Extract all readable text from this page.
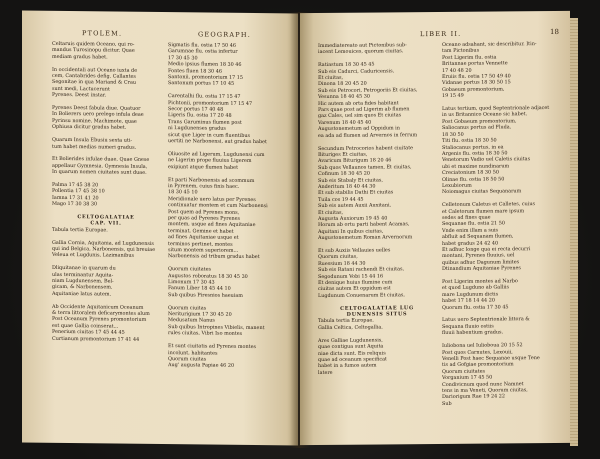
PTOLEM.	GEOGRAPH.
Celtaruis quidem Oceano, qui ro-
mandus Turosinopu dicitur. Quae
mediam gradus habet.

In occidentali aut Oceano iuxta de
cem, Cantabrides defig. Callantes
Segonitae in qua Mariand & Crau
sunt medi, Lactucerunt
Pyrenes. Deest instar.

Pyrenes Deest fabula diue. Quatuor
In Bolierers uero prelego infula deae
Pyrinsu nomine, Machimote, quae
Ophiusa dicitur gradus habet.

Quarum Insula Ebusiu sexta uti-
tum habet medias numeri gradus.

Et Bolierides infulae duae, Quae Gnese
appellaur Gymnesia. Gymnesia Insula,
In quarum nomen ciuitates sunt duae.

Palma 17 45 38 20
Pollentia 17 45 38 10
Iamna 17 31 41 20
Mago 17 30 38 30

CELTOGALATIAE
CAP. VII.
Tabula tertia Europae.

Gallia Cornia, Aquitania, ad Lugdunensis
qui ind Belgica, Narbonensis, qui breuiae
Veleua et Lugdunis, Lazimanibus

Dliquitanae in quarum du
ulas terminantur Aquita-
niam Lugdunensem, Bel-
gicam, & Narbonensem.
Aquitaniae latus autem.

Ab Occidente Aquitanicum Oceanum
& terra littoralem deficarymontes alum
Post Oceanum Pyrenes promontorium
est quae Gallia coinserat...
Penerium ciuitas 17 45 44 45
Curtianum promontorium 17 41 44
Sigmatis flu. ostia 17 50 46
Garumnae flu. ostia infertur
17 30 45 30
Medio ipsius flumen 18 30 46
Fontes fluen 18 30 46
Santonii, promontorium 17 15
Santonum portus 17 10 45

Carentalhi flu. ostia 17 15 47
Pichtonii, promontorium 17 15 47
Secor portus 17 40 48
Ligeris flu. ostia 17 20 48
Trans Garuminus flumen post
ni Lugdunenses gradus
sicut que Liger in cum fluentibus
uertiti ne Narbonensi, aut gradus habet

Oliuosite ad Ligerum, Lugdunensi cum
ne Ligerim prope fluuius Ligerem
exipiunt atque flumen habet

Et parti Narbonensis ad scommum
in Pyrenem, cuius finis haec.
18 30 45 10
Meridionale uero latus per Pyrenes
continuatur montem et cum Narbonensi
Post quem ad Pyrenes mons,
per quas ad Pyrenes Pyrenes
montem, usque ad fines Aquitaniae
terminat, Gemine et habet
ad fines Aquitaniae usque et
terminos pertinet, montes
situm montem superiorem...
Narbonensis ad tribum gradus habet

Quorum ciuitates
Augustos roboratus 18 30 45 30
Limonum 17 30 43
Fanum Liber 18 45 44 10
Sub quibus Piresnios haeuiam

Quorum ciuitas
Neriturigium 17 30 45 20
Medusatum Nanus
Sub quibus Intropines Vibielis, manent
rules ciuitas, Vibri Iso montes

Et sunt ciuitatis ad Pyrenes montes
incolunt, habitantes
Quorum ciuitas
Aug' augusta Papiae 46 20
LIBER II.	18
Immediatereato aut Pictonibus sub-
iacent Lemouices, quorum ciuitas.

Ratiastum 18 30 45 45
Sub eis Cadurci, Caduricensis.
Et ciuitas,
Dinona 18 20 45 20
Sub eis Petrocori, Petrogoriis Et ciuitas,
Vesunna 18 40 45 30
Hic autem ab orta fides habitant
Pars quae post ad Ligerim ab flumen
gaz Cales, uel sim quos Et ciuitas
Varenum 18 40 45 40
Augustonemetum ad Oppidum in
ea ada ad flumen ad Arvernos in ferrum

Secundum Petrocorios habent ciuitate
Bituriges Et ciuitas,
Avaricum Biturigum 18 20 46
Sub quos Vellaunos tamen, Et ciuitas,
Cofinum 18 30 45 20
Sub eis Stabaly Et ciuitas,
Anderitum 18 40 44 30
Et sub stabilis Dathi Et ciuitas
Tuila cos 19 44 45
Sub eis autem Auxii Auxitani,
Et ciuitas,
Augusta Auxiorum 19 45 40
Horum ab ortu parti habent Acamas,
Aquitani In quibus ciuitas,
Augustonemetum Roman Arvernorum

Et sub Auxiis Vellauies uelles
Quorum ciuitas,
Ruessium 18 44 30
Sub eis Ratani rachendi Et ciuitas,
Segodunum Vobi 15 44 16
Et denique huius flumine cum
ciuitas autem Et oppidum est
Lugdunum Conuenarum Et ciuitas,

CELTOGALATIAE LUG
DUNENSIS SITUS
Tabula tertia Europae.
Gallia Celtica, Celtogallia.

Ares Galliae Lugdunensis,
quae contigua sunt Aquita
niae dicta sunt. Eis reliquis
quae ad oceanum specificat
habet in a fumos autem
latere
Oceano adsahant, sic describitur. Itin-
tam Pictonibus
Post Ligerim flu. ostia
Britannae portus Vennette
17 40 48 20
Eruiis flu. ostia 17 50 49 40
Vidanae portus 18 30 50 15
Gobaeum promontorium,
19 15 49

Latus tertium, quod Septentrionale adjacet
in us Britannico Oceano sic habet.
Post Gobaeum promontorium,
Saliocanus portus ad Fluda.
18 30 50
Titi flu. ostia 18 30 50
Staliocanus portus, in ea
Argenis flu. ostia 18 30 50
Venetorum Vadio uel Caletis ciuitas
ubi et maxime nundinarum
Creciatonium 18 30 50
Olinae flu. ostia 18 50 50
Lexubiorum
Noiomagus ciuitas Sequanarum

Celletonum Caletus et Calletes, cuius
et Caletorum flumen mare ipsum
sedes ad fines quae
Sequanae flu. ostia 21 50
Vnde enim illam a suis
abfluit ad Sequanam flumen,
habet gradus 24 42 40
Et adhuc longe qua ei recta decurri
montani, Pyrenes fluuius, uel
quibus adhuc Dagunum limites
Dtinandium Aquitaniae Pyrenes

Post Ligerim montes ad Narbo
et quod Lugduno ab Galliis
mare Lugdunum dictis
habet 17 18 14 44 20
Quorum flu. ostia 17 30 45

Latus uero Septentrionale littora &
Sequana fluuio ostiis
fluuii habentium gradus.

Iuliobona uel Iulioboua 20 15 52
Post quos Carnutes, Lexouii,
Venelli Post haec Sequanae usque Tene
tis ad Gofgiae promontorium
Quorum ciuitates
Vorganium 17 45 50
Condivicnum quod nunc Namnet
tens in ma Veneti, Quorum ciuitas,
Dariorigum Rae 19 24 22
Sub
